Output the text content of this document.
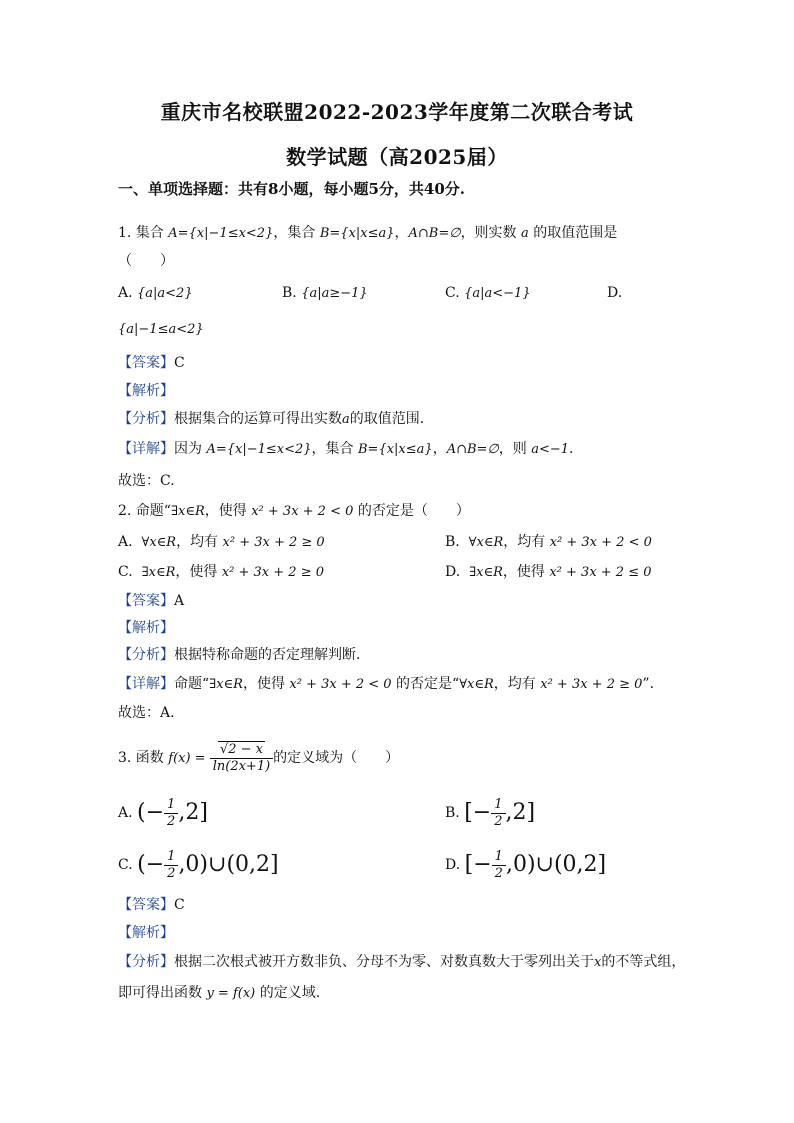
重庆市名校联盟2022-2023学年度第二次联合考试
数学试题（高2025届）
一、单项选择题：共有8小题，每小题5分，共40分.
1. 集合 A={x|−1≤x<2}，集合 B={x|x≤a}，A∩B=∅，则实数 a 的取值范围是
（　　）
A. {a|a<2}	B. {a|a≥−1}	C. {a|a<−1}	D.
{a|−1≤a<2}
【答案】C
【解析】
【分析】根据集合的运算可得出实数a的取值范围.
【详解】因为 A={x|−1≤x<2}，集合 B={x|x≤a}，A∩B=∅，则 a<−1.
故选：C.
2. 命题“∃x∈R，使得 x² + 3x + 2 < 0 的否定是（　　）
A. ∀x∈R，均有 x² + 3x + 2 ≥ 0	B. ∀x∈R，均有 x² + 3x + 2 < 0
C. ∃x∈R，使得 x² + 3x + 2 ≥ 0	D. ∃x∈R，使得 x² + 3x + 2 ≤ 0
【答案】A
【解析】
【分析】根据特称命题的否定理解判断.
【详解】命题“∃x∈R，使得 x² + 3x + 2 < 0 的否定是“∀x∈R，均有 x² + 3x + 2 ≥ 0”.
故选：A.
3. 函数 $f(x) = \frac{√2 - x}{\ln(2x+1)}$ 的定义域为（　　）
A. (− $\frac{1}{2} ,2$]	B. [− $\frac{1}{2} ,2$]
C. (− $\frac{1}{2}$ ,0)∪(0,2]	D. [− $\frac{1}{2}$ ,0)∪(0,2]
【答案】C
【解析】
【分析】根据二次根式被开方数非负、分母不为零、对数真数大于零列出关于x的不等式组，
即可得出函数 y = f(x) 的定义域.
